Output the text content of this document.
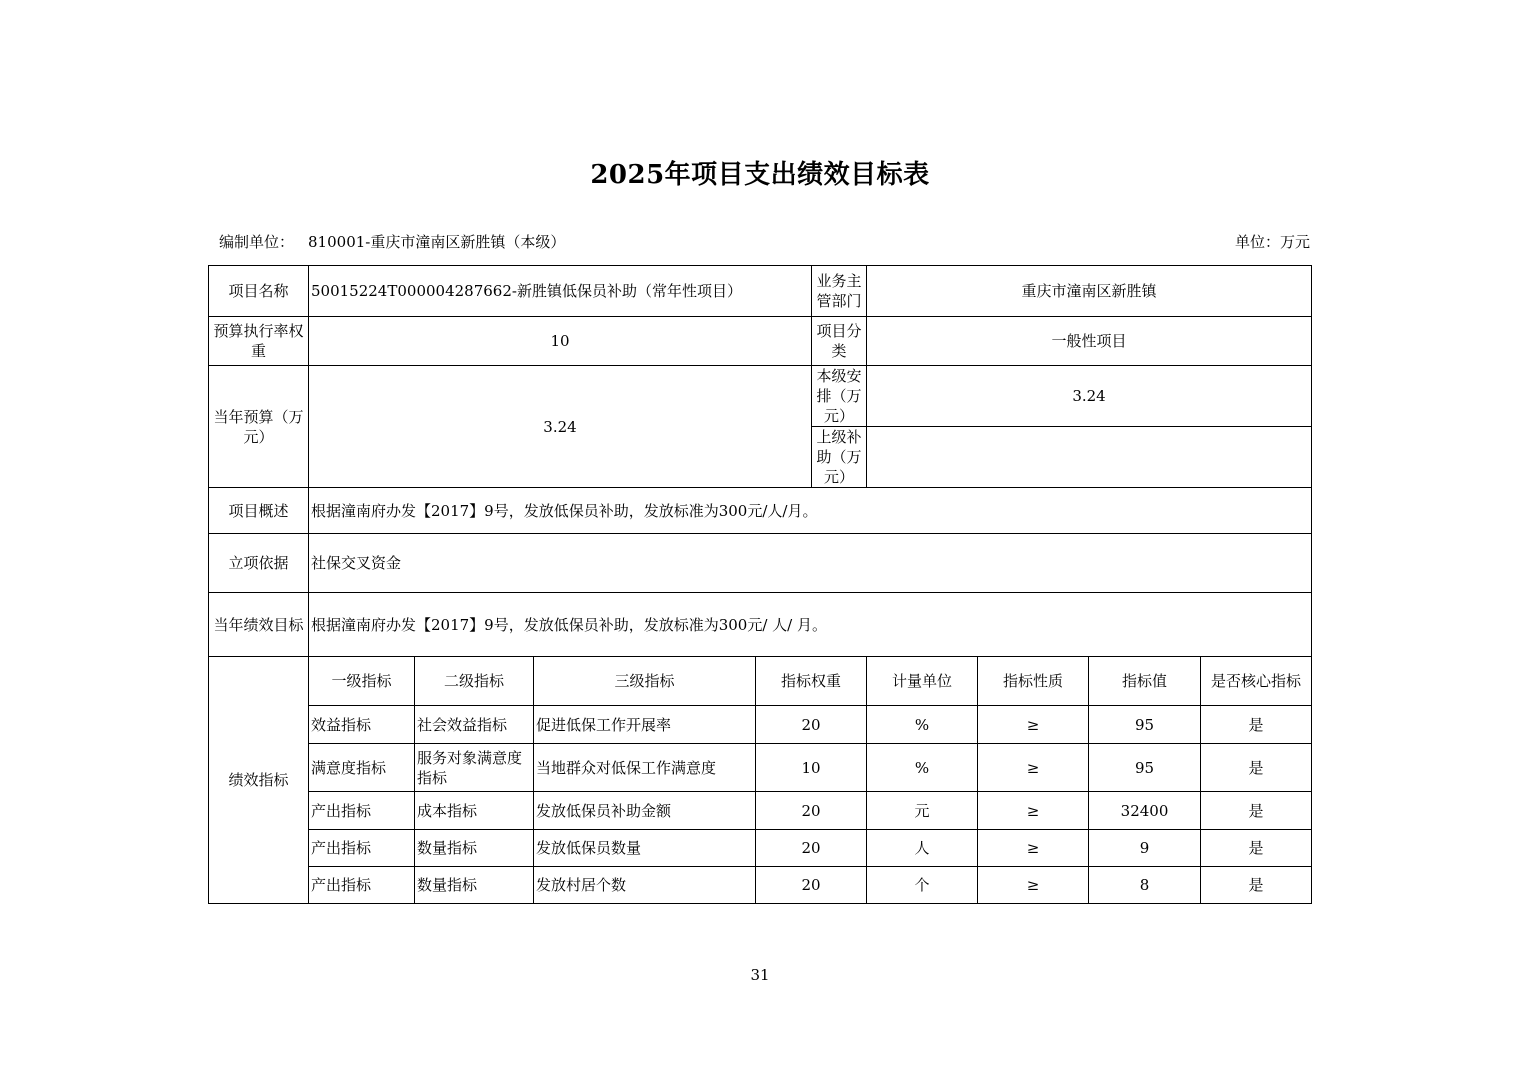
2025年项目支出绩效目标表
编制单位： 810001-重庆市潼南区新胜镇（本级）	单位：万元
项目名称	50015224T000004287662-新胜镇低保员补助（常年性项目）				业务主管部门	重庆市潼南区新胜镇			
预算执行率权重	10				项目分类	一般性项目			
当年预算（万元）	3.24				本级安排（万元）	3.24			
					上级补助（万元）				
项目概述	根据潼南府办发【2017】9号，发放低保员补助，发放标准为300元/人/月。								
立项依据	社保交叉资金								
当年绩效目标	根据潼南府办发【2017】9号，发放低保员补助，发放标准为300元/ 人/ 月。								
绩效指标	一级指标	二级指标	三级指标	指标权重		计量单位	指标性质	指标值	是否核心指标
	效益指标	社会效益指标	促进低保工作开展率	20		%	≥	95	是
	满意度指标	服务对象满意度指标	当地群众对低保工作满意度	10		%	≥	95	是
	产出指标	成本指标	发放低保员补助金额	20		元	≥	32400	是
	产出指标	数量指标	发放低保员数量	20		人	≥	9	是
	产出指标	数量指标	发放村居个数	20		个	≥	8	是
31
